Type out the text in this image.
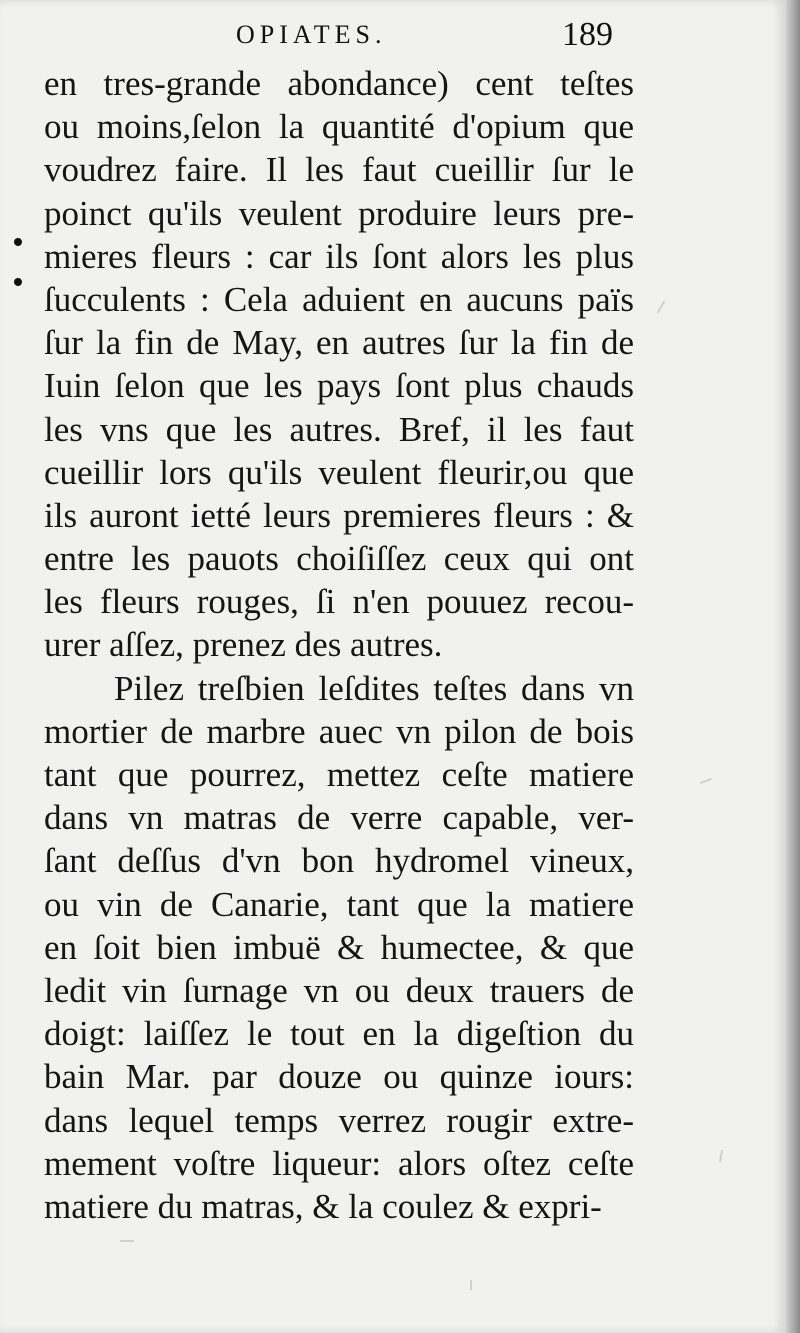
OPIATES.	189
en tres-grande abondance) cent teſtes
ou moins,ſelon la quantité d'opium que
voudrez faire. Il les faut cueillir ſur le
poinct qu'ils veulent produire leurs pre-
mieres fleurs : car ils ſont alors les plus
ſucculents : Cela aduient en aucuns païs
ſur la fin de May, en autres ſur la fin de
Iuin ſelon que les pays ſont plus chauds
les vns que les autres. Bref, il les faut
cueillir lors qu'ils veulent fleurir,ou que
ils auront ietté leurs premieres fleurs : &
entre les pauots choiſiſſez ceux qui ont
les fleurs rouges, ſi n'en pouuez recou-
urer aſſez, prenez des autres.
Pilez treſbien leſdites teſtes dans vn
mortier de marbre auec vn pilon de bois
tant que pourrez, mettez ceſte matiere
dans vn matras de verre capable, ver-
ſant deſſus d'vn bon hydromel vineux,
ou vin de Canarie, tant que la matiere
en ſoit bien imbuë & humectee, & que
ledit vin ſurnage vn ou deux trauers de
doigt: laiſſez le tout en la digeſtion du
bain Mar. par douze ou quinze iours:
dans lequel temps verrez rougir extre-
mement voſtre liqueur: alors oſtez ceſte
matiere du matras, & la coulez & expri-
